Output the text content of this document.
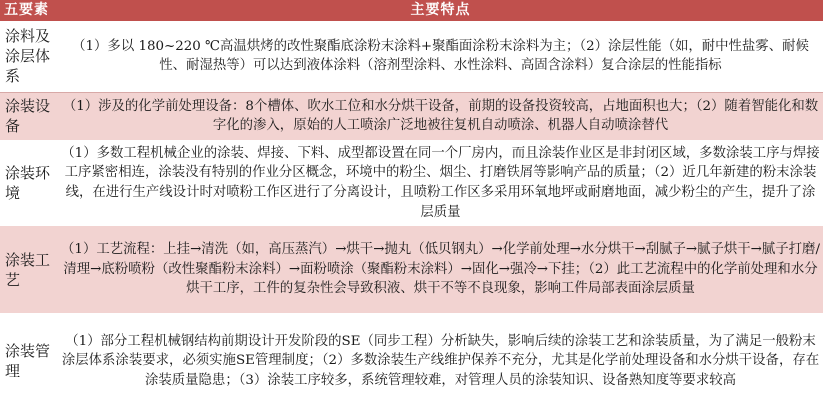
五要素	主要特点
涂料及涂层体系	（1）多以 180~220 ℃高温烘烤的改性聚酯底涂粉末涂料+聚酯面涂粉末涂料为主；（2）涂层性能（如，耐中性盐雾、耐候性、耐湿热等）可以达到液体涂料（溶剂型涂料、水性涂料、高固含涂料）复合涂层的性能指标
涂装设备	（1）涉及的化学前处理设备：8个槽体、吹水工位和水分烘干设备，前期的设备投资较高，占地面积也大；（2）随着智能化和数字化的渗入，原始的人工喷涂广泛地被往复机自动喷涂、机器人自动喷涂替代
涂装环境	（1）多数工程机械企业的涂装、焊接、下料、成型都设置在同一个厂房内，而且涂装作业区是非封闭区域，多数涂装工序与焊接工序紧密相连，涂装没有特别的作业分区概念，环境中的粉尘、烟尘、打磨铁屑等影响产品的质量；（2）近几年新建的粉末涂装线，在进行生产线设计时对喷粉工作区进行了分离设计，且喷粉工作区多采用环氧地坪或耐磨地面，减少粉尘的产生，提升了涂层质量
涂装工艺	（1）工艺流程：上挂→清洗（如，高压蒸汽）→烘干→抛丸（低贝钢丸）→化学前处理→水分烘干→刮腻子→腻子烘干→腻子打磨/清理→底粉喷粉（改性聚酯粉末涂料）→面粉喷涂（聚酯粉末涂料）→固化→强冷→下挂；（2）此工艺流程中的化学前处理和水分烘干工序，工件的复杂性会导致积液、烘干不等不良现象，影响工件局部表面涂层质量
涂装管理	（1）部分工程机械钢结构前期设计开发阶段的SE（同步工程）分析缺失，影响后续的涂装工艺和涂装质量，为了满足一般粉末涂层体系涂装要求，必须实施SE管理制度；（2）多数涂装生产线维护保养不充分，尤其是化学前处理设备和水分烘干设备，存在涂装质量隐患；（3）涂装工序较多，系统管理较难，对管理人员的涂装知识、设备熟知度等要求较高
